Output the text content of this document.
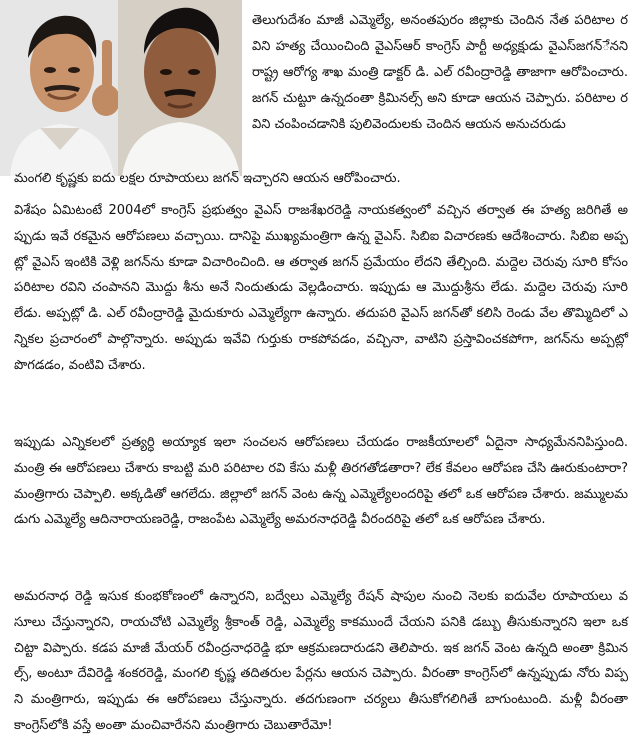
తెలుగుదేశం మాజీ ఎమ్మెల్యే, అనంతపురం జిల్లాకు చెందిన నేత పరిటాల రవిని హత్య చేయించింది వైఎస్ఆర్ కాంగ్రెస్ పార్టీ అధ్యక్షుడు వైఎస్‌జగన్‌ేనని రాష్ట్ర ఆరోగ్య శాఖ మంత్రి డాక్టర్ డి. ఎల్ రవీంద్రారెడ్డి తాజాగా ఆరోపించారు. జగన్ చుట్టూ ఉన్నదంతా క్రిమినల్స్ అని కూడా ఆయన చెప్పారు. పరిటాల రవిని చంపించడానికి పులివెందులకు చెందిన ఆయన అనుచరుడు

మంగలి కృష్ణకు ఐదు లక్షల రూపాయలు జగన్ ఇచ్చారని ఆయన ఆరోపించారు.

విశేషం ఏమిటంటే 2004లో కాంగ్రెస్ ప్రభుత్వం వైఎస్ రాజశేఖరరెడ్డి నాయకత్వంలో వచ్చిన తర్వాత ఈ హత్య జరిగితే అప్పుడు ఇవే రకమైన ఆరోపణలు వచ్చాయి. దానిపై ముఖ్యమంత్రిగా ఉన్న వైఎస్. సిబిఐ విచారణకు ఆదేశించారు. సిబిఐ అప్పట్లో వైఎస్ ఇంటికి వెళ్లి జగన్‌ను కూడా విచారించింది. ఆ తర్వాత జగన్ ప్రమేయం లేదని తేల్చింది. మద్దెల చెరువు సూరి కోసం పరిటాల రవిని చంపానని మొద్దు శీను అనే నిందుతుడు వెల్లడించారు. ఇప్పుడు ఆ మొద్దుశ్రీను లేడు. మద్దెల చెరువు సూరి లేడు. అప్పట్లో డి. ఎల్ రవీంద్రారెడ్డి మైదుకూరు ఎమ్మెల్యేగా ఉన్నారు. తదుపరి వైఎస్ జగన్‌తో కలిసి రెండు వేల తొమ్మిదిలో ఎన్నికల ప్రచారంలో పాల్గొన్నారు. అప్పుడు ఇవేవి గుర్తుకు రాకపోవడం, వచ్చినా, వాటిని ప్రస్తావించకపోగా, జగన్‌ను అప్పట్లో పొగడడం, వంటివి చేశారు.

ఇప్పుడు ఎన్నికలలో ప్రత్యర్ధి అయ్యాక ఇలా సంచలన ఆరోపణలు చేయడం రాజకీయాలలో ఏదైనా సాధ్యమేననిపిస్తుంది. మంత్రి ఈ ఆరోపణలు చేశారు కాబట్టి మరి పరిటాల రవి కేసు మళ్లీ తిరగతోడతారా? లేక కేవలం ఆరోపణ చేసి ఊరుకుంటారా? మంత్రిగారు చెప్పాలి. అక్కడితో ఆగలేదు. జిల్లాలో జగన్ వెంట ఉన్న ఎమ్మెల్యేలందరిపై తలో ఒక ఆరోపణ చేశారు. జమ్ములమడుగు ఎమ్మెల్యే ఆదినారాయణరెడ్డి, రాజంపేట ఎమ్మెల్యే అమరనాధరెడ్డి వీరందరిపై తలో ఒక ఆరోపణ చేశారు.

అమరనాధ రెడ్డి ఇసుక కుంభకోణంలో ఉన్నారని, బద్వేలు ఎమ్మెల్యే రేషన్ షాపుల నుంచి నెలకు ఐదువేల రూపాయలు వసూలు చేస్తున్నారని, రాయచోటి ఎమ్మెల్యే శ్రీకాంత్ రెడ్డి, ఎమ్మెల్యే కాకముందే చేయని పనికి డబ్బు తీసుకున్నారని ఇలా ఒక చిట్టా విప్పారు. కడప మాజీ మేయర్ రవీంద్రనాధరెడ్డి భూ ఆక్రమణదారుడని తెలిపారు. ఇక జగన్ వెంట ఉన్నది అంతా క్రిమినల్స్, అంటూ దేవిరెడ్డి శంకరరెడ్డి, మంగలి కృష్ణ తదితరుల పేర్లను ఆయన చెప్పారు. వీరంతా కాంగ్రెస్‌లో ఉన్నప్పుడు నోరు విప్పని మంత్రిగారు, ఇప్పుడు ఈ ఆరోపణలు చేస్తున్నారు. తదగుణంగా చర్యలు తీసుకోగలిగితే బాగుంటుంది. మళ్లీ వీరంతా కాంగ్రెస్‌లోకి వస్తే అంతా మంచివారేనని మంత్రిగారు చెబుతారేమో!
